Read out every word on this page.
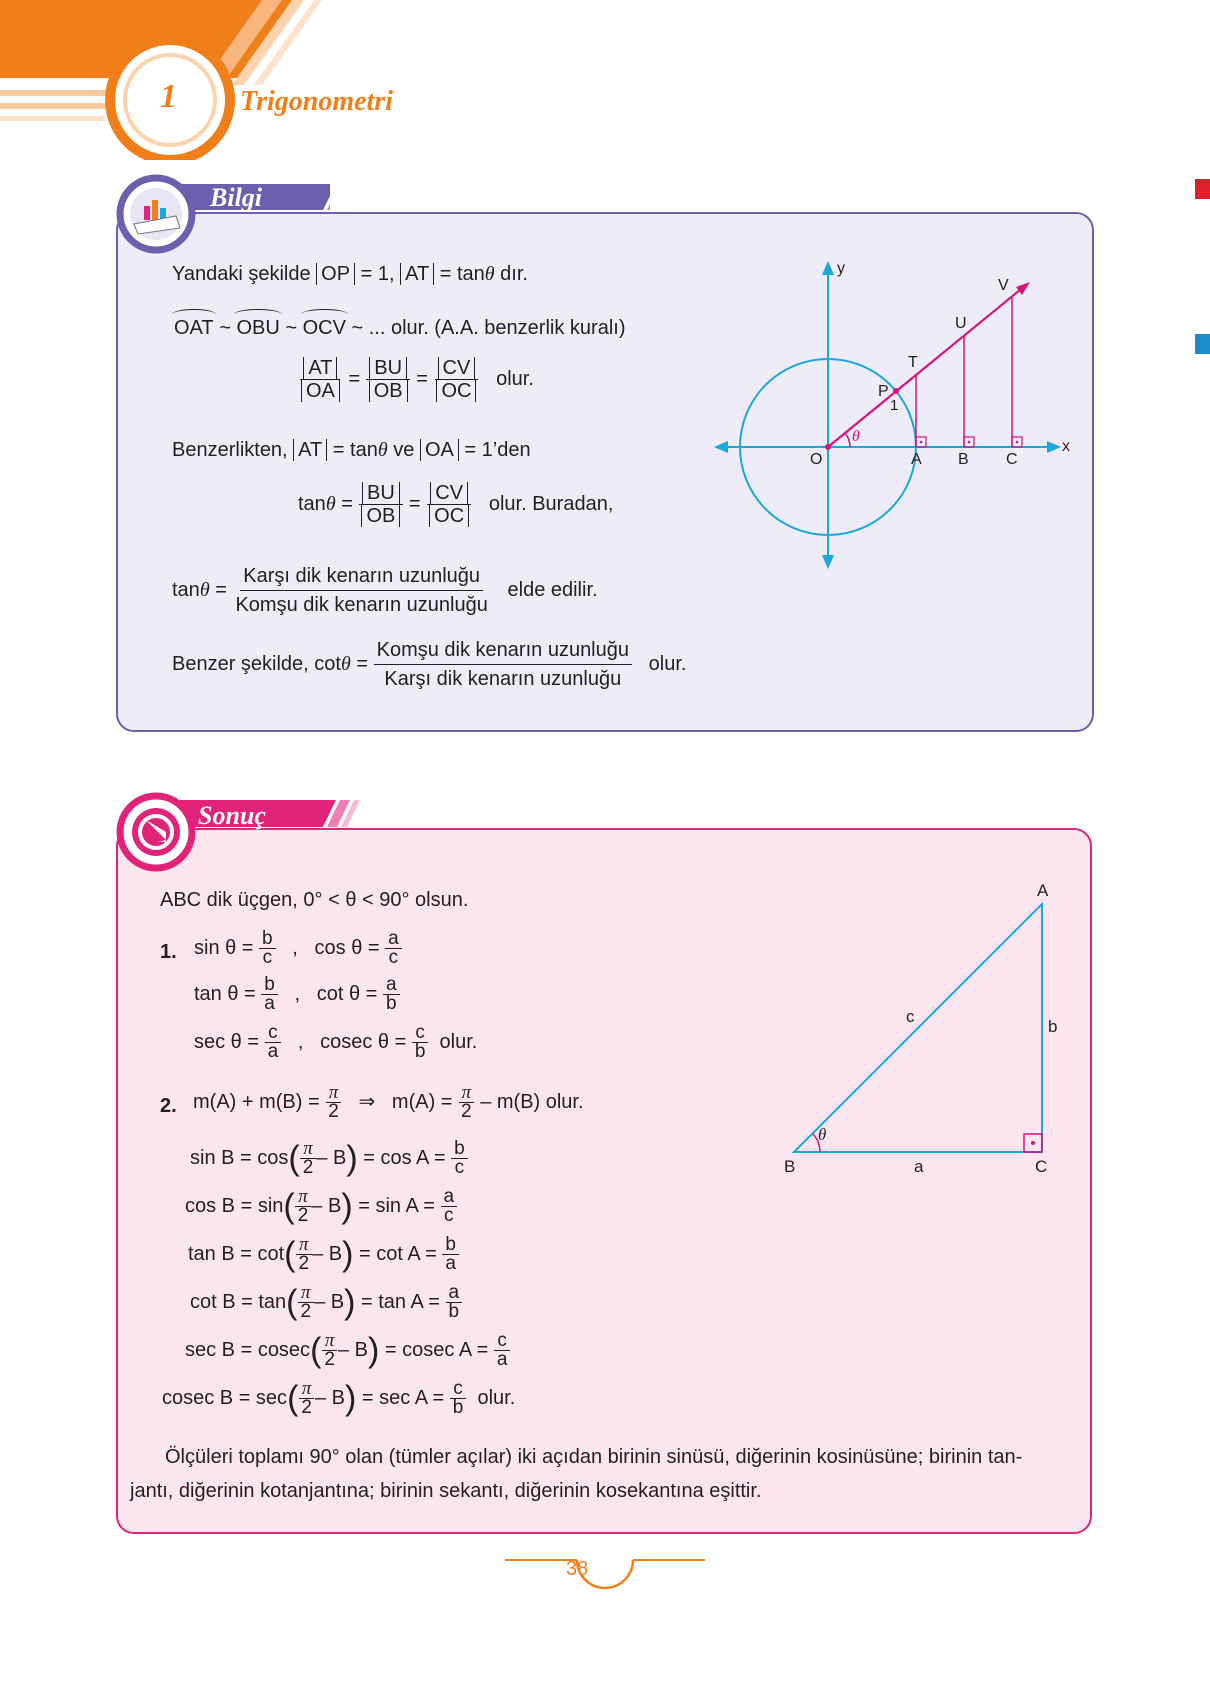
1 Trigonometri
Bilgi
Yandaki şekilde OP = 1, AT = tanθ dır.
OAT ~ OBU ~ OCV ~ ... olur. (A.A. benzerlik kuralı)
$\frac{AT}{OA} = \frac{BU}{OB} = \frac{CV}{OC}$ olur.
Benzerlikten, AT = tanθ ve OA = 1’den
$\tan\theta = \frac{BU}{OB} = \frac{CV}{OC}$ olur. Buradan,
$\tan\theta = \frac{\text{Karşı dik kenarın uzunluğu}}{\text{Komşu dik kenarın uzunluğu}}$ elde edilir.
Benzer şekilde, $\cot\theta = \frac{\text{Komşu dik kenarın uzunluğu}}{\text{Karşı dik kenarın uzunluğu}}$ olur.
y
x
O	A B C
P
1
T
U
V
θ
Sonuç
ABC dik üçgen, 0° < θ < 90° olsun.
1. $\sin \theta = \frac{b}{c}$ , $\cos \theta = \frac{a}{c}$
$\tan \theta = \frac{b}{a}$ , $\cot \theta = \frac{a}{b}$
$\sec \theta = \frac{c}{a}$ , cosec $\theta = \frac{c}{b}$ olur.
2. $m(A) + m(B) = \frac{\pi}{2}$ ⇒ $m(A) = \frac{\pi}{2} - m(B)$ olur.
$\sin B = \cos( \frac{\pi}{2} - B) = \cos A = \frac{b}{c}$

$\cos B = \sin( \frac{\pi}{2} - B) = \sin A = \frac{a}{c}$

$\tan B = \cot( \frac{\pi}{2} - B) = \cot A = \frac{b}{a}$

$\cot B = \tan( \frac{\pi}{2} - B) = \tan A = \frac{a}{b}$

$\sec B = cosec( \frac{\pi}{2} - B) = cosec$ $A = \frac{c}{a}$

cosec $B = \sec( \frac{\pi}{2} - B) = \sec A = \frac{c}{b}$ olur.
Ölçüleri toplamı 90° olan (tümler açılar) iki açıdan birinin sinüsü, diğerinin kosinüsüne; birinin tan-
jantı, diğerinin kotanjantına; birinin sekantı, diğerinin kosekantına eşittir.
A
B	C
a
b
c
θ
38
